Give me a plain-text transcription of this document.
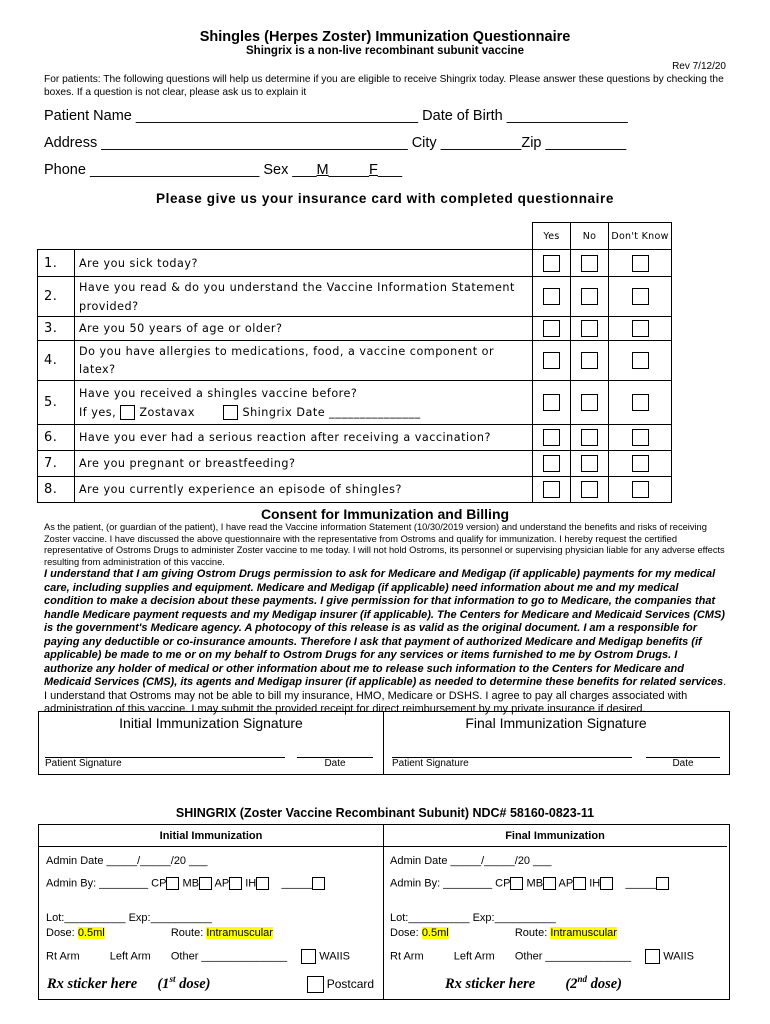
Shingles (Herpes Zoster) Immunization Questionnaire
Shingrix is a non-live recombinant subunit vaccine
Rev 7/12/20
For patients: The following questions will help us determine if you are eligible to receive Shingrix today. Please answer these questions by checking the boxes. If a question is not clear, please ask us to explain it
Patient Name ___________________________________ Date of Birth _______________
Address ______________________________________ City __________Zip __________
Phone _____________________ Sex ___M_____F___
Please give us your insurance card with completed questionnaire
		Yes	No	Don't Know
1.	Are you sick today?			
2.	Have you read & do you understand the Vaccine Information Statement provided?			
3.	Are you 50 years of age or older?			
4.	Do you have allergies to medications, food, a vaccine component or latex?			
5.	Have you received a shingles vaccine before?
If yes, Zostavax Shingrix Date _______________			

6.	Have you ever had a serious reaction after receiving a vaccination?			
7.	Are you pregnant or breastfeeding?			
8.	Are you currently experience an episode of shingles?			
Consent for Immunization and Billing
As the patient, (or guardian of the patient), I have read the Vaccine information Statement (10/30/2019 version) and understand the benefits and risks of receiving Zoster vaccine. I have discussed the above questionnaire with the representative from Ostroms and qualify for immunization. I hereby request the certified representative of Ostroms Drugs to administer Zoster vaccine to me today. I will not hold Ostroms, its personnel or supervising physician liable for any adverse effects resulting from administration of this vaccine.
I understand that I am giving Ostrom Drugs permission to ask for Medicare and Medigap (if applicable) payments for my medical care, including supplies and equipment. Medicare and Medigap (if applicable) need information about me and my medical condition to make a decision about these payments. I give permission for that information to go to Medicare, the companies that handle Medicare payment requests and my Medigap insurer (if applicable). The Centers for Medicare and Medicaid Services (CMS) is the government's Medicare agency. A photocopy of this release is as valid as the original document. I am a responsible for paying any deductible or co-insurance amounts. Therefore I ask that payment of authorized Medicare and Medigap benefits (if applicable) be made to me or on my behalf to Ostrom Drugs for any services or items furnished to me by Ostrom Drugs. I authorize any holder of medical or other information about me to release such information to the Centers for Medicare and Medicaid Services (CMS), its agents and Medigap insurer (if applicable) as needed to determine these benefits for related services. I understand that Ostroms may not be able to bill my insurance, HMO, Medicare or DSHS. I agree to pay all charges associated with administration of this vaccine. I may submit the provided receipt for direct reimbursement by my private insurance if desired.
Initial Immunization Signature
Patient Signature	Date
Final Immunization Signature
Patient Signature	Date
SHINGRIX (Zoster Vaccine Recombinant Subunit) NDC# 58160-0823-11
Initial Immunization
Admin Date _____/_____/20 ___
Admin By: ________ CP MB AP IH _____
Lot:__________ Exp:__________
Dose: 0.5ml	Route: Intramuscular
Rt Arm	Left Arm Other ______________	WAIIS
Rx sticker here (1st dose)	Postcard
Final Immunization
Admin Date _____/_____/20 ___
Admin By: ________ CP MB AP IH _____
Lot:__________ Exp:__________
Dose: 0.5ml	Route: Intramuscular
Rt Arm	Left Arm Other ______________	WAIIS
Rx sticker here (2nd dose)
